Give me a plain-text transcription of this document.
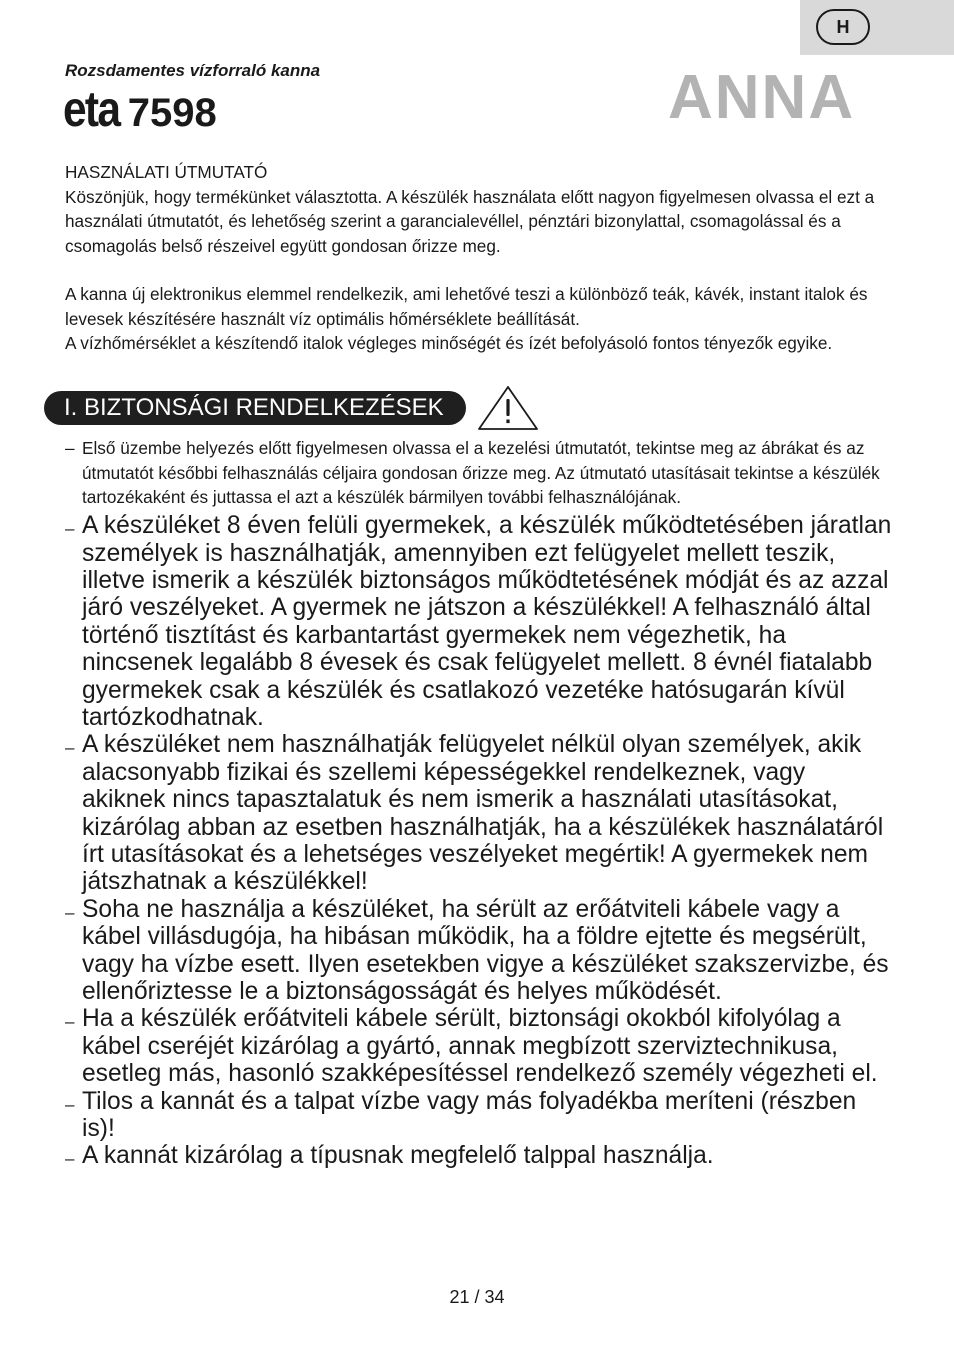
H
Rozsdamentes vízforraló kanna
eta 7598	ANNA

HASZNÁLATI ÚTMUTATÓ

Köszönjük, hogy termékünket választotta. A készülék használata előtt nagyon figyelmesen olvassa el ezt a használati útmutatót, és lehetőség szerint a garancialevéllel, pénztári bizonylattal, csomagolással és a csomagolás belső részeivel együtt gondosan őrizze meg.

A kanna új elektronikus elemmel rendelkezik, ami lehetővé teszi a különböző teák, kávék, instant italok és levesek készítésére használt víz optimális hőmérséklete beállítását.

A vízhőmérséklet a készítendő italok végleges minőségét és ízét befolyásoló fontos tényezők egyike.

I. BIZTONSÁGI RENDELKEZÉSEK
– Első üzembe helyezés előtt figyelmesen olvassa el a kezelési útmutatót, tekintse meg az ábrákat és az útmutatót későbbi felhasználás céljaira gondosan őrizze meg. Az útmutató utasításait tekintse a készülék tartozékaként és juttassa el azt a készülék bármilyen további felhasználójának.
– A készüléket 8 éven felüli gyermekek, a készülék működtetésében járatlan személyek is használhatják, amennyiben ezt felügyelet mellett teszik, illetve ismerik a készülék biztonságos működtetésének módját és az azzal járó veszélyeket. A gyermek ne játszon a készülékkel! A felhasználó által történő tisztítást és karbantartást gyermekek nem végezhetik, ha nincsenek legalább 8 évesek és csak felügyelet mellett. 8 évnél fiatalabb gyermekek csak a készülék és csatlakozó vezetéke hatósugarán kívül tartózkodhatnak.
– A készüléket nem használhatják felügyelet nélkül olyan személyek, akik alacsonyabb fizikai és szellemi képességekkel rendelkeznek, vagy akiknek nincs tapasztalatuk és nem ismerik a használati utasításokat, kizárólag abban az esetben használhatják, ha a készülékek használatáról írt utasításokat és a lehetséges veszélyeket megértik! A gyermekek nem játszhatnak a készülékkel!
– Soha ne használja a készüléket, ha sérült az erőátviteli kábele vagy a kábel villásdugója, ha hibásan működik, ha a földre ejtette és megsérült, vagy ha vízbe esett. Ilyen esetekben vigye a készüléket szakszervizbe, és ellenőriztesse le a biztonságosságát és helyes működését.
– Ha a készülék erőátviteli kábele sérült, biztonsági okokból kifolyólag a kábel cseréjét kizárólag a gyártó, annak megbízott szerviztechnikusa, esetleg más, hasonló szakképesítéssel rendelkező személy végezheti el.
– Tilos a kannát és a talpat vízbe vagy más folyadékba meríteni (részben is)!
– A kannát kizárólag a típusnak megfelelő talppal használja.
21 / 34
